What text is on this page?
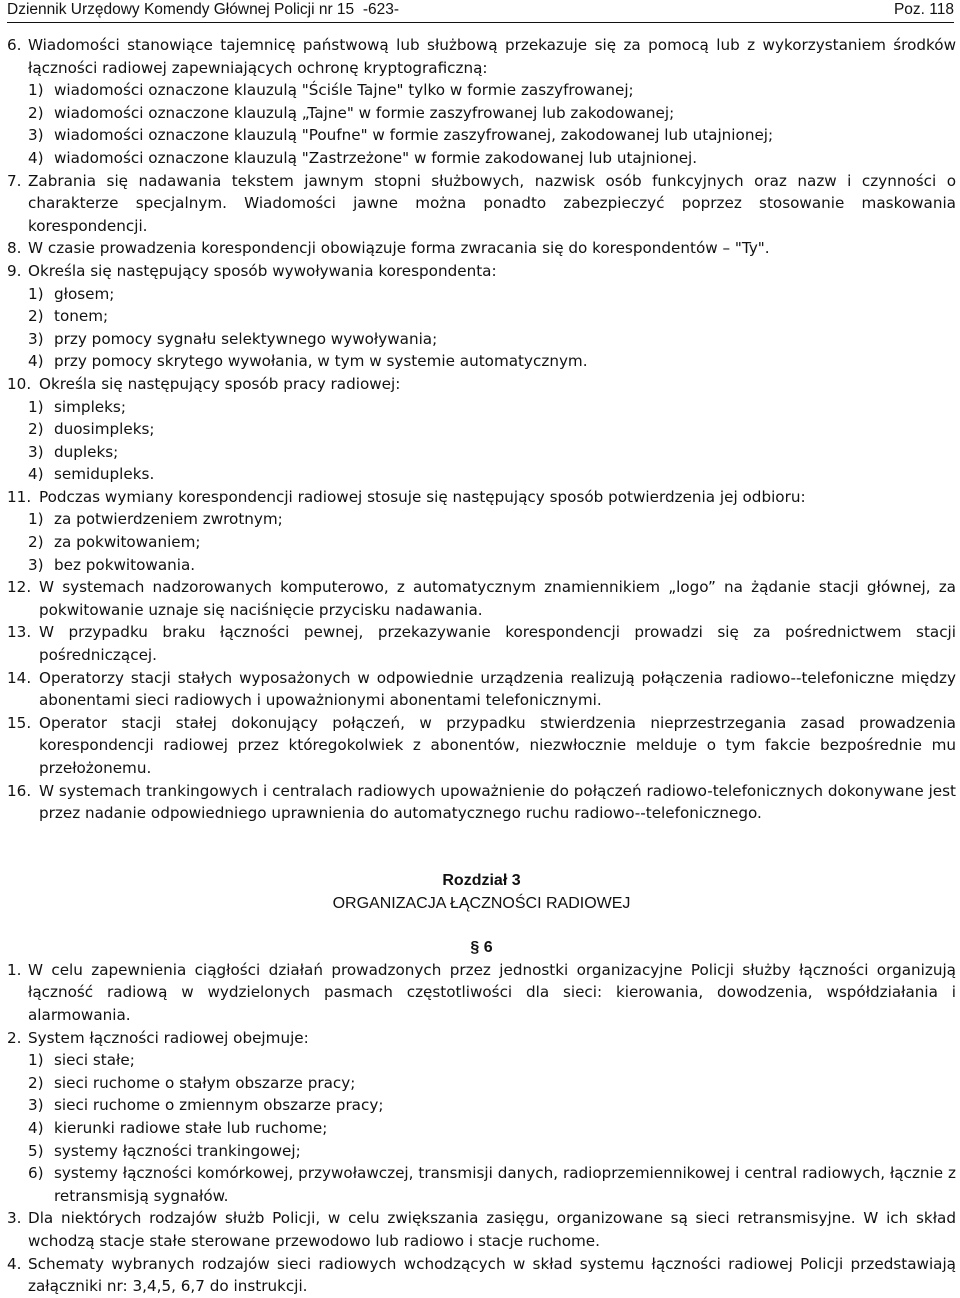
Dziennik Urzędowy Komendy Głównej Policji nr 15 -623-	Poz. 118
6. Wiadomości stanowiące tajemnicę państwową lub służbową przekazuje się za pomocą lub z wykorzystaniem środków łączności radiowej zapewniających ochronę kryptograficzną:
1) wiadomości oznaczone klauzulą "Ściśle Tajne" tylko w formie zaszyfrowanej;
2) wiadomości oznaczone klauzulą „Tajne" w formie zaszyfrowanej lub zakodowanej;
3) wiadomości oznaczone klauzulą "Poufne" w formie zaszyfrowanej, zakodowanej lub utajnionej;
4) wiadomości oznaczone klauzulą "Zastrzeżone" w formie zakodowanej lub utajnionej.
7. Zabrania się nadawania tekstem jawnym stopni służbowych, nazwisk osób funkcyjnych oraz nazw i czynności o charakterze specjalnym. Wiadomości jawne można ponadto zabezpieczyć poprzez stosowanie maskowania korespondencji.
8. W czasie prowadzenia korespondencji obowiązuje forma zwracania się do korespondentów – "Ty".
9. Określa się następujący sposób wywoływania korespondenta:
1) głosem;
2) tonem;
3) przy pomocy sygnału selektywnego wywoływania;
4) przy pomocy skrytego wywołania, w tym w systemie automatycznym.
10. Określa się następujący sposób pracy radiowej:
1) simpleks;
2) duosimpleks;
3) dupleks;
4) semidupleks.
11. Podczas wymiany korespondencji radiowej stosuje się następujący sposób potwierdzenia jej odbioru:
1) za potwierdzeniem zwrotnym;
2) za pokwitowaniem;
3) bez pokwitowania.
12. W systemach nadzorowanych komputerowo, z automatycznym znamiennikiem „logo” na żądanie stacji głównej, za pokwitowanie uznaje się naciśnięcie przycisku nadawania.
13. W przypadku braku łączności pewnej, przekazywanie korespondencji prowadzi się za pośrednictwem stacji pośredniczącej.
14. Operatorzy stacji stałych wyposażonych w odpowiednie urządzenia realizują połączenia radiowo--telefoniczne między abonentami sieci radiowych i upoważnionymi abonentami telefonicznymi.
15. Operator stacji stałej dokonujący połączeń, w przypadku stwierdzenia nieprzestrzegania zasad prowadzenia korespondencji radiowej przez któregokolwiek z abonentów, niezwłocznie melduje o tym fakcie bezpośrednie mu przełożonemu.
16. W systemach trankingowych i centralach radiowych upoważnienie do połączeń radiowo-telefonicznych dokonywane jest przez nadanie odpowiedniego uprawnienia do automatycznego ruchu radiowo--telefonicznego.
Rozdział 3
ORGANIZACJA ŁĄCZNOŚCI RADIOWEJ
§ 6
1. W celu zapewnienia ciągłości działań prowadzonych przez jednostki organizacyjne Policji służby łączności organizują łączność radiową w wydzielonych pasmach częstotliwości dla sieci: kierowania, dowodzenia, współdziałania i alarmowania.
2. System łączności radiowej obejmuje:
1) sieci stałe;
2) sieci ruchome o stałym obszarze pracy;
3) sieci ruchome o zmiennym obszarze pracy;
4) kierunki radiowe stałe lub ruchome;
5) systemy łączności trankingowej;
6) systemy łączności komórkowej, przywoławczej, transmisji danych, radioprzemiennikowej i central radiowych, łącznie z retransmisją sygnałów.
3. Dla niektórych rodzajów służb Policji, w celu zwiększania zasięgu, organizowane są sieci retransmisyjne. W ich skład wchodzą stacje stałe sterowane przewodowo lub radiowo i stacje ruchome.
4. Schematy wybranych rodzajów sieci radiowych wchodzących w skład systemu łączności radiowej Policji przedstawiają załączniki nr: 3,4,5, 6,7 do instrukcji.
